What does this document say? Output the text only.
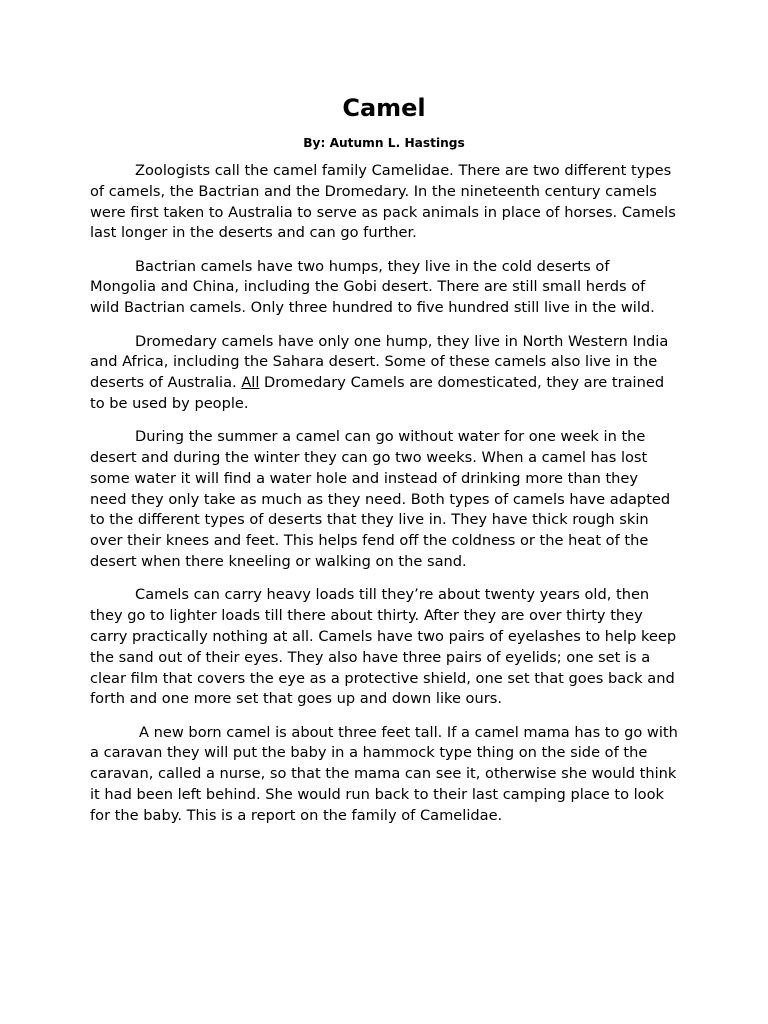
Camel
By: Autumn L. Hastings

Zoologists call the camel family Camelidae. There are two different types of camels, the Bactrian and the Dromedary. In the nineteenth century camels were first taken to Australia to serve as pack animals in place of horses. Camels last longer in the deserts and can go further.

Bactrian camels have two humps, they live in the cold deserts of Mongolia and China, including the Gobi desert. There are still small herds of wild Bactrian camels. Only three hundred to five hundred still live in the wild.

Dromedary camels have only one hump, they live in North Western India and Africa, including the Sahara desert. Some of these camels also live in the deserts of Australia. All Dromedary Camels are domesticated, they are trained to be used by people.

During the summer a camel can go without water for one week in the desert and during the winter they can go two weeks. When a camel has lost some water it will find a water hole and instead of drinking more than they need they only take as much as they need. Both types of camels have adapted to the different types of deserts that they live in. They have thick rough skin over their knees and feet. This helps fend off the coldness or the heat of the desert when there kneeling or walking on the sand.

Camels can carry heavy loads till they’re about twenty years old, then they go to lighter loads till there about thirty. After they are over thirty they carry practically nothing at all. Camels have two pairs of eyelashes to help keep the sand out of their eyes. They also have three pairs of eyelids; one set is a clear film that covers the eye as a protective shield, one set that goes back and forth and one more set that goes up and down like ours.

A new born camel is about three feet tall. If a camel mama has to go with a caravan they will put the baby in a hammock type thing on the side of the caravan, called a nurse, so that the mama can see it, otherwise she would think it had been left behind. She would run back to their last camping place to look for the baby. This is a report on the family of Camelidae.
